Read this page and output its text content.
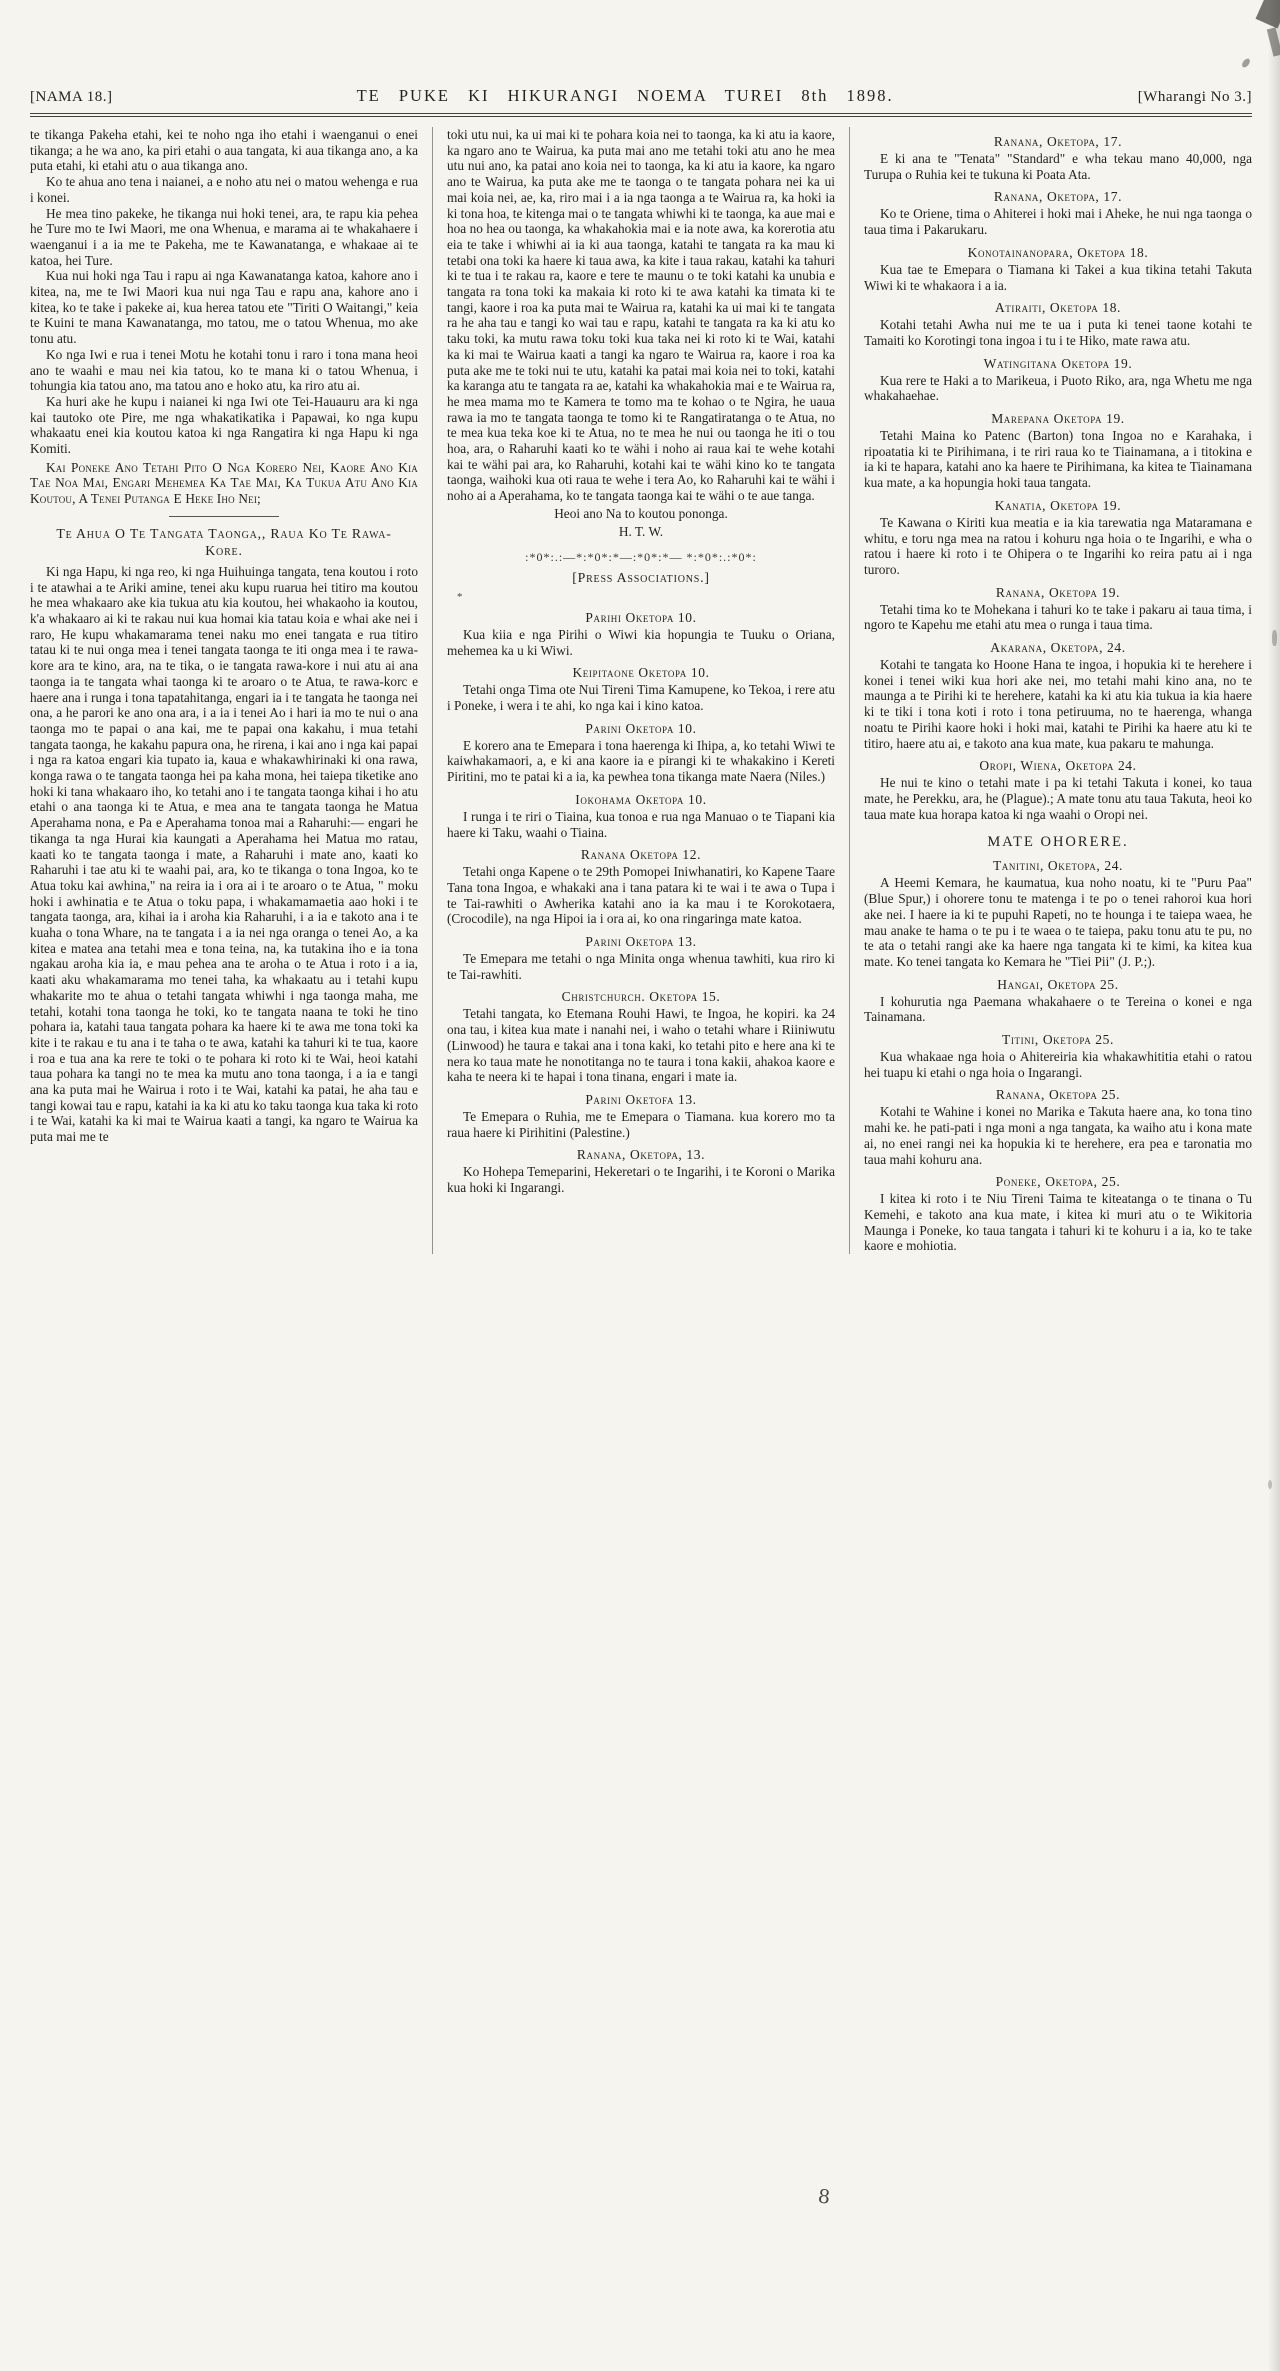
[NAMA 18.]	TE PUKE KI HIKURANGI NOEMA TUREI 8th 1898.	[Wharangi No 3.]

te tikanga Pakeha etahi, kei te noho nga iho etahi i waenganui o enei tikanga; a he wa ano, ka piri etahi o aua tangata, ki aua tikanga ano, a ka puta etahi, ki etahi atu o aua tikanga ano.

Ko te ahua ano tena i naianei, a e noho atu nei o matou wehenga e rua i konei.

He mea tino pakeke, he tikanga nui hoki tenei, ara, te rapu kia pehea he Ture mo te Iwi Maori, me ona Whenua, e marama ai te whakahaere i waenganui i a ia me te Pakeha, me te Kawanatanga, e whakaae ai te katoa, hei Ture.

Kua nui hoki nga Tau i rapu ai nga Kawanatanga katoa, kahore ano i kitea, na, me te Iwi Maori kua nui nga Tau e rapu ana, kahore ano i kitea, ko te take i pakeke ai, kua herea tatou ete "Tiriti O Waitangi," keia te Kuini te mana Kawanatanga, mo tatou, me o tatou Whenua, mo ake tonu atu.

Ko nga Iwi e rua i tenei Motu he kotahi tonu i raro i tona mana heoi ano te waahi e mau nei kia tatou, ko te mana ki o tatou Whenua, i tohungia kia tatou ano, ma tatou ano e hoko atu, ka riro atu ai.

Ka huri ake he kupu i naianei ki nga Iwi ote Tei-Hauauru ara ki nga kai tautoko ote Pire, me nga whakatikatika i Papawai, ko nga kupu whakaatu enei kia koutou katoa ki nga Rangatira ki nga Hapu ki nga Komiti.

Kai Poneke Ano Tetahi Pito O Nga Korero Nei, Kaore Ano Kia Tae Noa Mai, Engari Mehemea Ka Tae Mai, Ka Tukua Atu Ano Kia Koutou, A Tenei Putanga E Heke Iho Nei;

Te Ahua O Te Tangata Taonga,, Raua Ko Te Rawa-Kore.

Ki nga Hapu, ki nga reo, ki nga Huihuinga tangata, tena koutou i roto i te atawhai a te Ariki amine, tenei aku kupu ruarua hei titiro ma koutou he mea whakaaro ake kia tukua atu kia koutou, hei whakaoho ia koutou, k'a whakaaro ai ki te rakau nui kua homai kia tatau koia e whai ake nei i raro, He kupu whakamarama tenei naku mo enei tangata e rua titiro tatau ki te nui onga mea i tenei tangata taonga te iti onga mea i te rawa-kore ara te kino, ara, na te tika, o ie tangata rawa-kore i nui atu ai ana taonga ia te tangata whai taonga ki te aroaro o te Atua, te rawa-korc e haere ana i runga i tona tapatahitanga, engari ia i te tangata he taonga nei ona, a he parori ke ano ona ara, i a ia i tenei Ao i hari ia mo te nui o ana taonga mo te papai o ana kai, me te papai ona kakahu, i mua tetahi tangata taonga, he kakahu papura ona, he rirena, i kai ano i nga kai papai i nga ra katoa engari kia tupato ia, kaua e whakawhirinaki ki ona rawa, konga rawa o te tangata taonga hei pa kaha mona, hei taiepa tiketike ano hoki ki tana whakaaro iho, ko tetahi ano i te tangata taonga kihai i ho atu etahi o ana taonga ki te Atua, e mea ana te tangata taonga he Matua Aperahama nona, e Pa e Aperahama tonoa mai a Raharuhi:— engari he tikanga ta nga Hurai kia kaungati a Aperahama hei Matua mo ratau, kaati ko te tangata taonga i mate, a Raharuhi i mate ano, kaati ko Raharuhi i tae atu ki te waahi pai, ara, ko te tikanga o tona Ingoa, ko te Atua toku kai awhina," na reira ia i ora ai i te aroaro o te Atua, " moku hoki i awhinatia e te Atua o toku papa, i whakamamaetia aao hoki i te tangata taonga, ara, kihai ia i aroha kia Raharuhi, i a ia e takoto ana i te kuaha o tona Whare, na te tangata i a ia nei nga oranga o tenei Ao, a ka kitea e matea ana tetahi mea e tona teina, na, ka tutakina iho e ia tona ngakau aroha kia ia, e mau pehea ana te aroha o te Atua i roto i a ia, kaati aku whakamarama mo tenei taha, ka whakaatu au i tetahi kupu whakarite mo te ahua o tetahi tangata whiwhi i nga taonga maha, me tetahi, kotahi tona taonga he toki, ko te tangata naana te toki he tino pohara ia, katahi taua tangata pohara ka haere ki te awa me tona toki ka kite i te rakau e tu ana i te taha o te awa, katahi ka tahuri ki te tua, kaore i roa e tua ana ka rere te toki o te pohara ki roto ki te Wai, heoi katahi taua pohara ka tangi no te mea ka mutu ano tona taonga, i a ia e tangi ana ka puta mai he Wairua i roto i te Wai, katahi ka patai, he aha tau e tangi kowai tau e rapu, katahi ia ka ki atu ko taku taonga kua taka ki roto i te Wai, katahi ka ki mai te Wairua kaati a tangi, ka ngaro te Wairua ka puta mai me te

toki utu nui, ka ui mai ki te pohara koia nei to taonga, ka ki atu ia kaore, ka ngaro ano te Wairua, ka puta mai ano me tetahi toki atu ano he mea utu nui ano, ka patai ano koia nei to taonga, ka ki atu ia kaore, ka ngaro ano te Wairua, ka puta ake me te taonga o te tangata pohara nei ka ui mai koia nei, ae, ka, riro mai i a ia nga taonga a te Wairua ra, ka hoki ia ki tona hoa, te kitenga mai o te tangata whiwhi ki te taonga, ka aue mai e hoa no hea ou taonga, ka whakahokia mai e ia note awa, ka korerotia atu eia te take i whiwhi ai ia ki aua taonga, katahi te tangata ra ka mau ki tetabi ona toki ka haere ki taua awa, ka kite i taua rakau, katahi ka tahuri ki te tua i te rakau ra, kaore e tere te maunu o te toki katahi ka unubia e tangata ra tona toki ka makaia ki roto ki te awa katahi ka timata ki te tangi, kaore i roa ka puta mai te Wairua ra, katahi ka ui mai ki te tangata ra he aha tau e tangi ko wai tau e rapu, katahi te tangata ra ka ki atu ko taku toki, ka mutu rawa toku toki kua taka nei ki roto ki te Wai, katahi ka ki mai te Wairua kaati a tangi ka ngaro te Wairua ra, kaore i roa ka puta ake me te toki nui te utu, katahi ka patai mai koia nei to toki, katahi ka karanga atu te tangata ra ae, katahi ka whakahokia mai e te Wairua ra, he mea mama mo te Kamera te tomo ma te kohao o te Ngira, he uaua rawa ia mo te tangata taonga te tomo ki te Rangatiratanga o te Atua, no te mea kua teka koe ki te Atua, no te mea he nui ou taonga he iti o tou hoa, ara, o Raharuhi kaati ko te wähi i noho ai raua kai te wehe kotahi kai te wähi pai ara, ko Raharuhi, kotahi kai te wähi kino ko te tangata taonga, waihoki kua oti raua te wehe i tera Ao, ko Raharuhi kai te wähi i noho ai a Aperahama, ko te tangata taonga kai te wähi o te aue tanga.

Heoi ano Na to koutou pononga.
H. T. W.
:*0*:.:—*:*0*:*—:*0*:*— *:*0*:.:*0*:
[Press Associations.]
*
Parihi Oketopa 10.

Kua kiia e nga Pirihi o Wiwi kia hopungia te Tuuku o Oriana, mehemea ka u ki Wiwi.

Keipitaone Oketopa 10.

Tetahi onga Tima ote Nui Tireni Tima Kamupene, ko Tekoa, i rere atu i Poneke, i wera i te ahi, ko nga kai i kino katoa.

Parini Oketopa 10.

E korero ana te Emepara i tona haerenga ki Ihipa, a, ko tetahi Wiwi te kaiwhakamaori, a, e ki ana kaore ia e pirangi ki te whakakino i Kereti Piritini, mo te patai ki a ia, ka pewhea tona tikanga mate Naera (Niles.)

Iokohama Oketopa 10.

I runga i te riri o Tiaina, kua tonoa e rua nga Manuao o te Tiapani kia haere ki Taku, waahi o Tiaina.

Ranana Oketopa 12.

Tetahi onga Kapene o te 29th Pomopei Iniwhanatiri, ko Kapene Taare Tana tona Ingoa, e whakaki ana i tana patara ki te wai i te awa o Tupa i te Tai-rawhiti o Awherika katahi ano ia ka mau i te Korokotaera, (Crocodile), na nga Hipoi ia i ora ai, ko ona ringaringa mate katoa.

Parini Oketopa 13.

Te Emepara me tetahi o nga Minita onga whenua tawhiti, kua riro ki te Tai-rawhiti.

Christchurch. Oketopa 15.

Tetahi tangata, ko Etemana Rouhi Hawi, te Ingoa, he kopiri. ka 24 ona tau, i kitea kua mate i nanahi nei, i waho o tetahi whare i Riiniwutu (Linwood) he taura e takai ana i tona kaki, ko tetahi pito e here ana ki te nera ko taua mate he nonotitanga no te taura i tona kakii, ahakoa kaore e kaha te neera ki te hapai i tona tinana, engari i mate ia.

Parini Oketofa 13.

Te Emepara o Ruhia, me te Emepara o Tiamana. kua korero mo ta raua haere ki Pirihitini (Palestine.)

Ranana, Oketopa, 13.

Ko Hohepa Temeparini, Hekeretari o te Ingarihi, i te Koroni o Marika kua hoki ki Ingarangi.

Ranana, Oketopa, 17.

E ki ana te "Tenata" "Standard" e wha tekau mano 40,000, nga Turupa o Ruhia kei te tukuna ki Poata Ata.

Ranana, Oketopa, 17.

Ko te Oriene, tima o Ahiterei i hoki mai i Aheke, he nui nga taonga o taua tima i Pakarukaru.

Konotainanopara, Oketopa 18.

Kua tae te Emepara o Tiamana ki Takei a kua tikina tetahi Takuta Wiwi ki te whakaora i a ia.

Atiraiti, Oketopa 18.

Kotahi tetahi Awha nui me te ua i puta ki tenei taone kotahi te Tamaiti ko Korotingi tona ingoa i tu i te Hiko, mate rawa atu.

Watingitana Oketopa 19.

Kua rere te Haki a to Marikeua, i Puoto Riko, ara, nga Whetu me nga whakahaehae.

Marepana Oketopa 19.

Tetahi Maina ko Patenc (Barton) tona Ingoa no e Karahaka, i ripoatatia ki te Pirihimana, i te riri raua ko te Tiainamana, a i titokina e ia ki te hapara, katahi ano ka haere te Pirihimana, ka kitea te Tiainamana kua mate, a ka hopungia hoki taua tangata.

Kanatia, Oketopa 19.

Te Kawana o Kiriti kua meatia e ia kia tarewatia nga Mataramana e whitu, e toru nga mea na ratou i kohuru nga hoia o te Ingarihi, e wha o ratou i haere ki roto i te Ohipera o te Ingarihi ko reira patu ai i nga turoro.

Ranana, Oketopa 19.

Tetahi tima ko te Mohekana i tahuri ko te take i pakaru ai taua tima, i ngoro te Kapehu me etahi atu mea o runga i taua tima.

Akarana, Oketopa, 24.

Kotahi te tangata ko Hoone Hana te ingoa, i hopukia ki te herehere i konei i tenei wiki kua hori ake nei, mo tetahi mahi kino ana, no te maunga a te Pirihi ki te herehere, katahi ka ki atu kia tukua ia kia haere ki te tiki i tona koti i roto i tona petiruuma, no te haerenga, whanga noatu te Pirihi kaore hoki i hoki mai, katahi te Pirihi ka haere atu ki te titiro, haere atu ai, e takoto ana kua mate, kua pakaru te mahunga.

Oropi, Wiena, Oketopa 24.

He nui te kino o tetahi mate i pa ki tetahi Takuta i konei, ko taua mate, he Perekku, ara, he (Plague).; A mate tonu atu taua Takuta, heoi ko taua mate kua horapa katoa ki nga waahi o Oropi nei.

MATE OHORERE.
Tanitini, Oketopa, 24.

A Heemi Kemara, he kaumatua, kua noho noatu, ki te "Puru Paa" (Blue Spur,) i ohorere tonu te matenga i te po o tenei rahoroi kua hori ake nei. I haere ia ki te pupuhi Rapeti, no te hounga i te taiepa waea, he mau anake te hama o te pu i te waea o te taiepa, paku tonu atu te pu, no te ata o tetahi rangi ake ka haere nga tangata ki te kimi, ka kitea kua mate. Ko tenei tangata ko Kemara he "Tiei Pii" (J. P.;).

Hangai, Oketopa 25.

I kohurutia nga Paemana whakahaere o te Tereina o konei e nga Tainamana.

Titini, Oketopa 25.

Kua whakaae nga hoia o Ahitereiria kia whakawhititia etahi o ratou hei tuapu ki etahi o nga hoia o Ingarangi.

Ranana, Oketopa 25.

Kotahi te Wahine i konei no Marika e Takuta haere ana, ko tona tino mahi ke. he pati-pati i nga moni a nga tangata, ka waiho atu i kona mate ai, no enei rangi nei ka hopukia ki te herehere, era pea e taronatia mo taua mahi kohuru ana.

Poneke, Oketopa, 25.

I kitea ki roto i te Niu Tireni Taima te kiteatanga o te tinana o Tu Kemehi, e takoto ana kua mate, i kitea ki muri atu o te Wikitoria Maunga i Poneke, ko taua tangata i tahuri ki te kohuru i a ia, ko te take kaore e mohiotia.

8
